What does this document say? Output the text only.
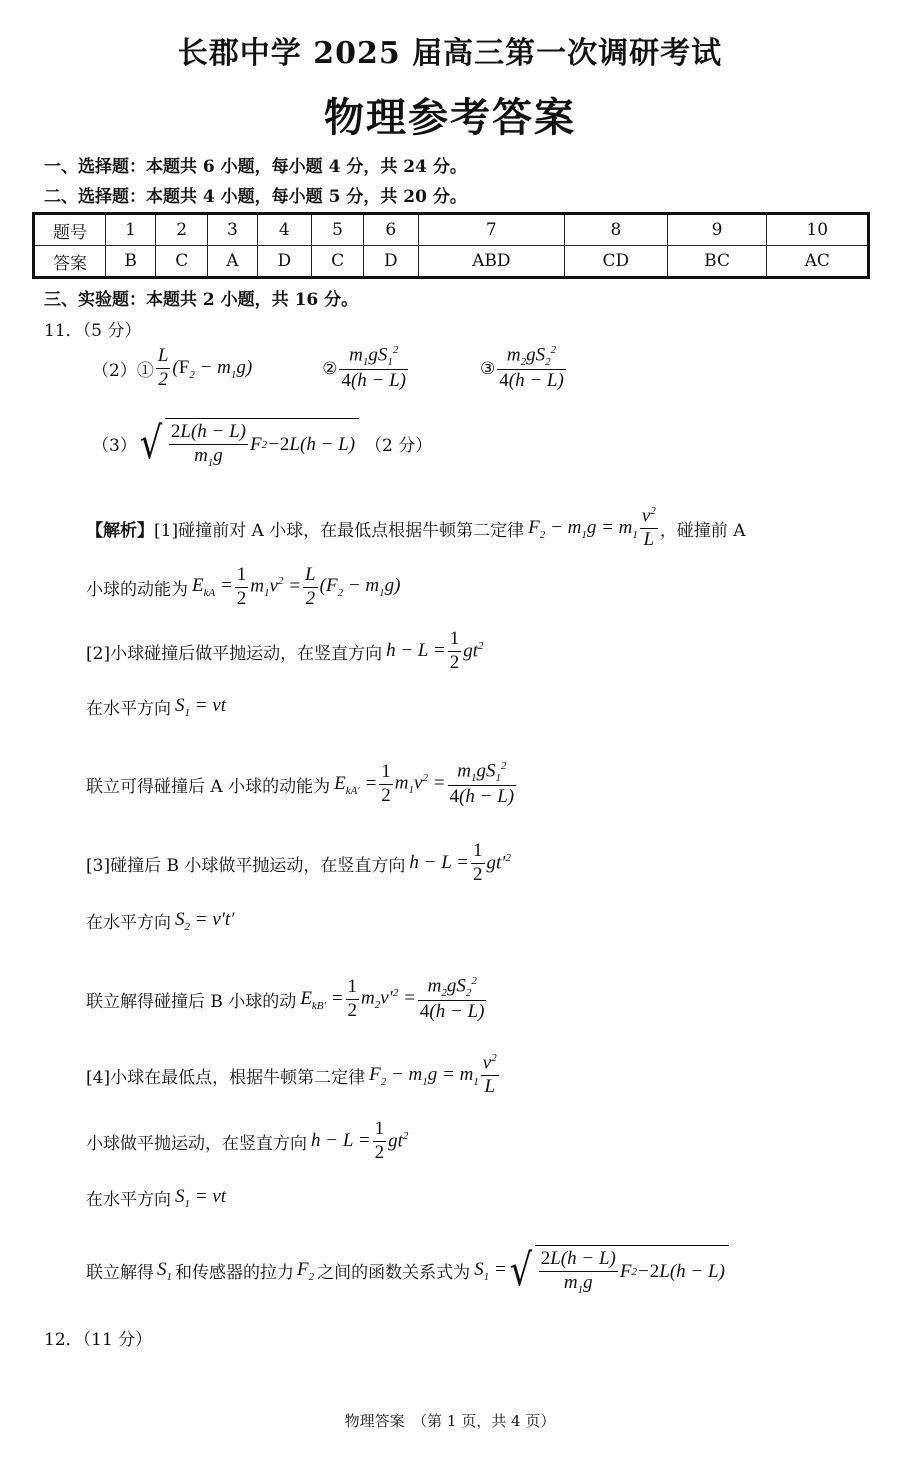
长郡中学 2025 届高三第一次调研考试
物理参考答案
一、选择题：本题共 6 小题，每小题 4 分，共 24 分。
二、选择题：本题共 4 小题，每小题 5 分，共 20 分。
题号	1	2	3	4	5	6	7	8	9	10
答案	B	C	A	D	C	D	ABD	CD	BC	AC
三、实验题：本题共 2 小题，共 16 分。
11．（5 分）
（2）① $\frac{L}{2} (F_2 - m_1g)$	② $\frac{m_1gS_1^2}{4(h - L)}$	③ $\frac{m_2gS_2^2}{4(h - L)}$
（3） √ $\frac{2L(h - L)}{m_1g}$ F 2 − 2 L(h − L) （2 分）
【解析】 [1]碰撞前对 A 小球，在最低点根据牛顿第二定律 $F_2 - m_1g = m_1 \frac{v^2}{L}$ ，碰撞前 A
小球的动能为 $E_{kA} = \frac{1}{2} m_1v^2 = \frac{L}{2} (F_2 - m_1g)$
[2]小球碰撞后做平抛运动，在竖直方向 $h - L = \frac{1}{2} gt^2$
在水平方向 $S_1$ = vt
联立可得碰撞后 A 小球的动能为 $E_{kA'} = \frac{1}{2} m_1v^2 = \frac{m_1gS_1^2}{4(h - L)}$
[3]碰撞后 B 小球做平抛运动，在竖直方向 $h - L = \frac{1}{2} gt'^2$
在水平方向 $S_2 = v't'$
联立解得碰撞后 B 小球的动 $E_{kB'} = \frac{1}{2} m_2v'^2 = \frac{m_2gS_2^2}{4(h - L)}$
[4]小球在最低点，根据牛顿第二定律 $F_2 - m_1g = m_1 \frac{v^2}{L}$
小球做平抛运动，在竖直方向 $h - L = \frac{1}{2} gt^2$
在水平方向 $S_1$ = vt
联立解得 $S_1$ 和传感器的拉力 $F_2$ 之间的函数关系式为 $S_1$ = √ $\frac{2L(h - L)}{m_1g}$ F 2 − 2 L(h − L)
12．（11 分）
物理答案　（第 1 页，共 4 页）
